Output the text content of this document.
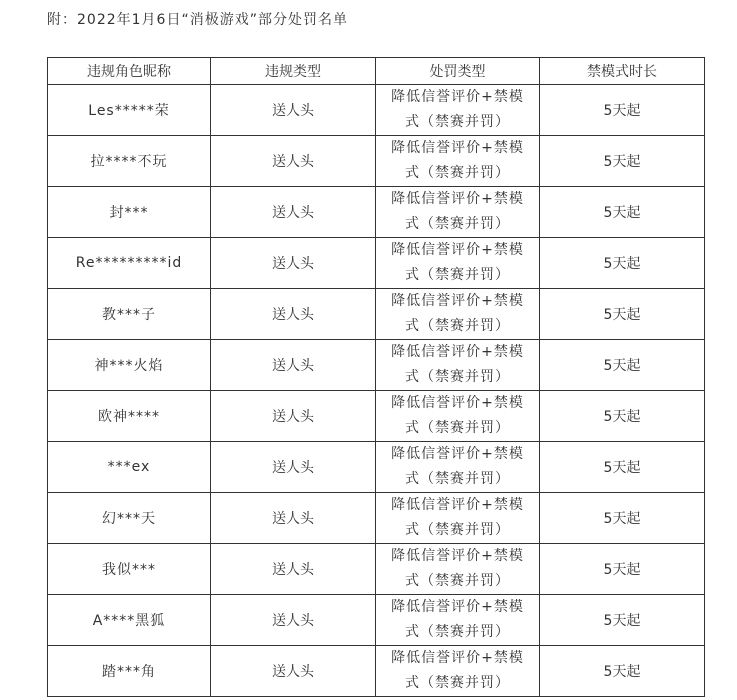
附：2022年1月6日“消极游戏”部分处罚名单
违规角色昵称	违规类型	处罚类型	禁模式时长
Les*****荣	送人头	降低信誉评价+禁模式（禁赛并罚）	5天起
拉****不玩	送人头	降低信誉评价+禁模式（禁赛并罚）	5天起
封***	送人头	降低信誉评价+禁模式（禁赛并罚）	5天起
Re*********id	送人头	降低信誉评价+禁模式（禁赛并罚）	5天起
教***子	送人头	降低信誉评价+禁模式（禁赛并罚）	5天起
神***火焰	送人头	降低信誉评价+禁模式（禁赛并罚）	5天起
欧神****	送人头	降低信誉评价+禁模式（禁赛并罚）	5天起
***ex	送人头	降低信誉评价+禁模式（禁赛并罚）	5天起
幻***天	送人头	降低信誉评价+禁模式（禁赛并罚）	5天起
我似***	送人头	降低信誉评价+禁模式（禁赛并罚）	5天起
A****黑狐	送人头	降低信誉评价+禁模式（禁赛并罚）	5天起
踏***角	送人头	降低信誉评价+禁模式（禁赛并罚）	5天起
